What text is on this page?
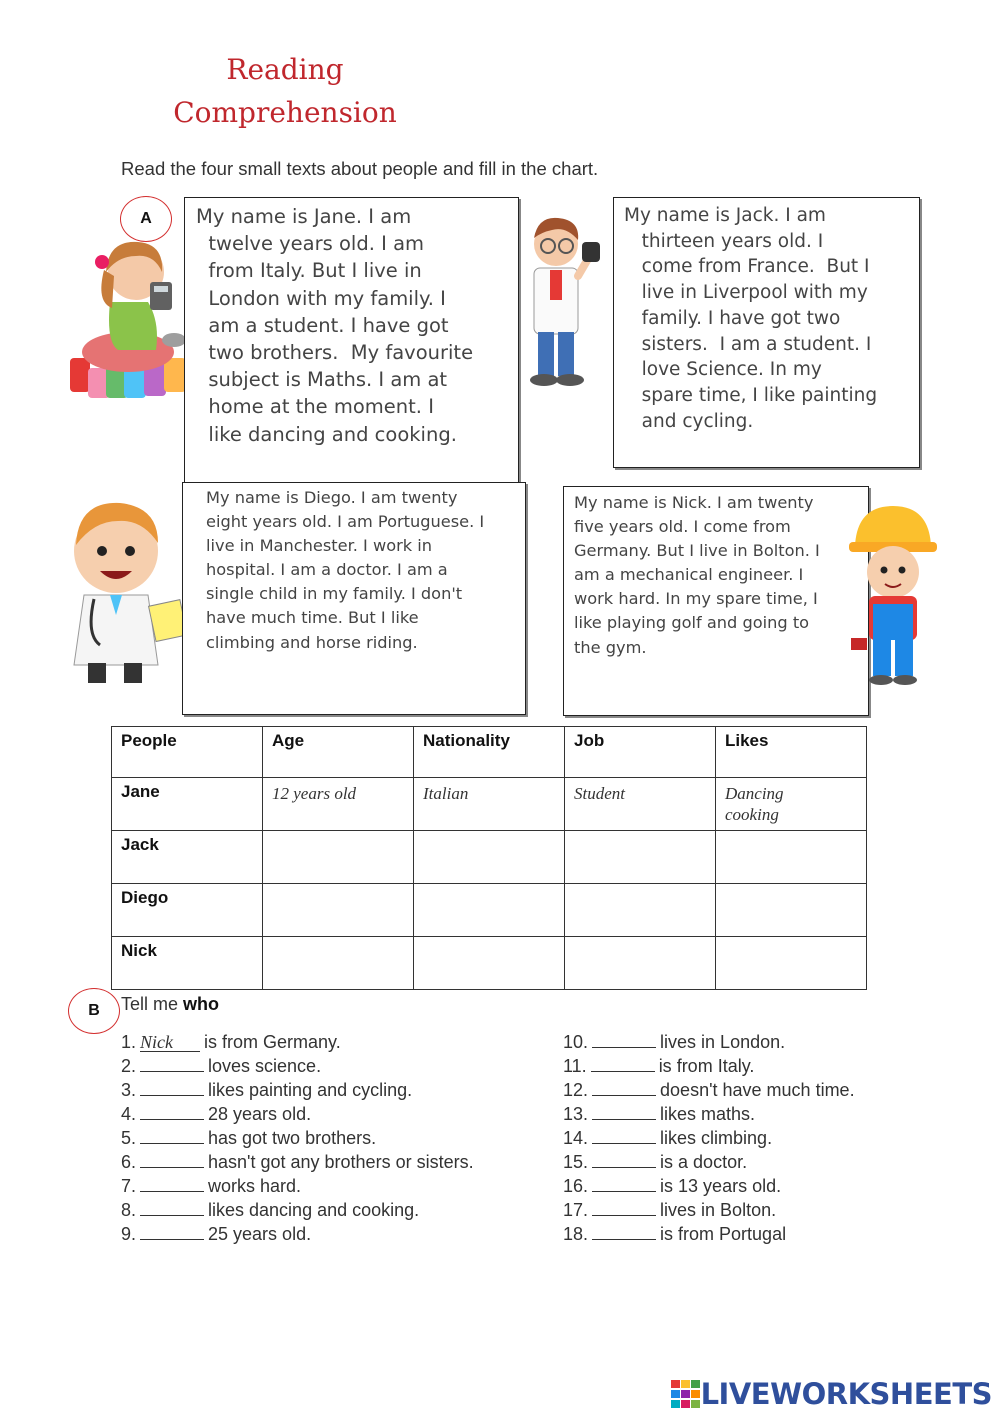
Reading
Comprehension
Read the four small texts about people and fill in the chart.
A	My name is Jane. I am
twelve years old. I am
from Italy. But I live in
London with my family. I
am a student. I have got
two brothers.  My favourite
subject is Maths. I am at
home at the moment. I
like dancing and cooking.
My name is Jack. I am
thirteen years old. I
come from France.  But I
live in Liverpool with my
family. I have got two
sisters.  I am a student. I
love Science. In my
spare time, I like painting
and cycling.
My name is Diego. I am twenty
eight years old. I am Portuguese. I
live in Manchester. I work in
hospital. I am a doctor. I am a
single child in my family. I don't
have much time. But I like
climbing and horse riding.
My name is Nick. I am twenty
five years old. I come from
Germany. But I live in Bolton. I
am a mechanical engineer. I
work hard. In my spare time, I
like playing golf and going to
the gym.
People	Age	Nationality	Job	Likes
Jane	12 years old	Italian	Student	Dancing
cooking
Jack				
Diego				
Nick				
B	Tell me who
1. Nick is from Germany.
2.	loves science.
3.	likes painting and cycling.
4.	28 years old.
5.	has got two brothers.
6.	hasn't got any brothers or sisters.
7.	works hard.
8.	likes dancing and cooking.
9.	25 years old.
10.	lives in London.
11.	is from Italy.
12.	doesn't have much time.
13.	likes maths.
14.	likes climbing.
15.	is a doctor.
16.	is 13 years old.
17.	lives in Bolton.
18.	is from Portugal
LIVEWORKSHEETS
